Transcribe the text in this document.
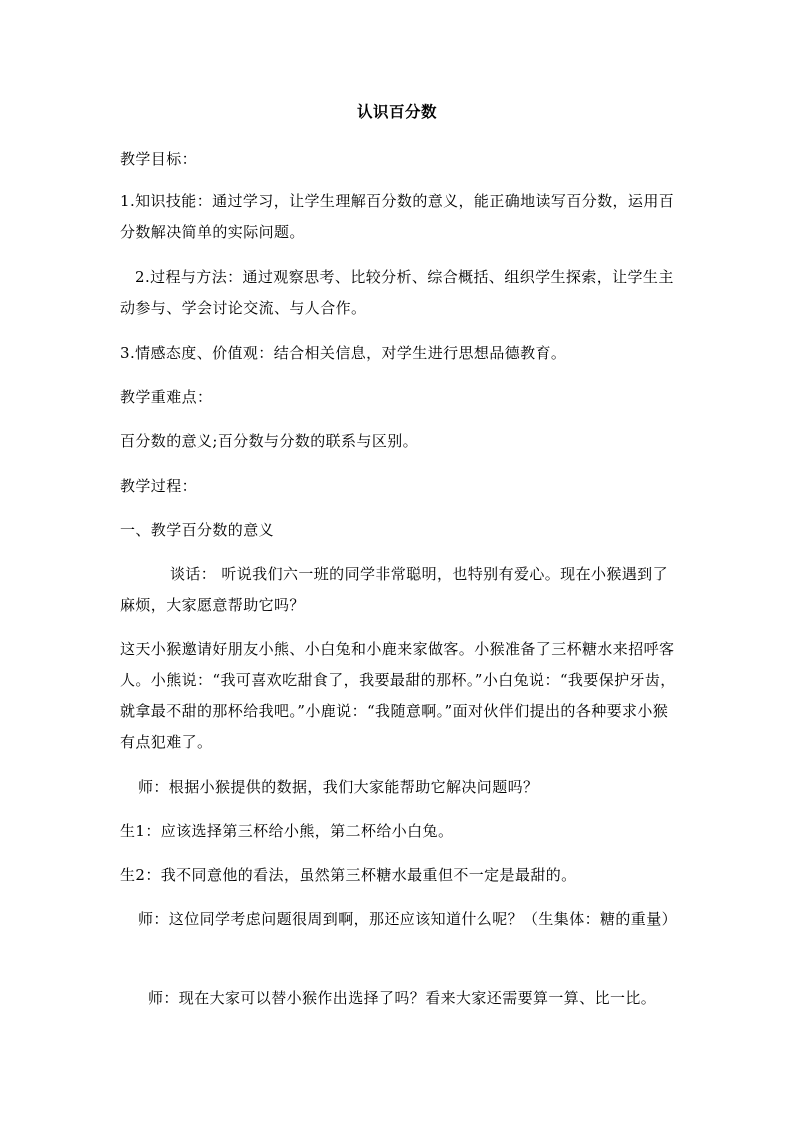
认识百分数

教学目标：

1.知识技能：通过学习，让学生理解百分数的意义，能正确地读写百分数，运用百分数解决简单的实际问题。

2.过程与方法：通过观察思考、比较分析、综合概括、组织学生探索，让学生主动参与、学会讨论交流、与人合作。

3.情感态度、价值观：结合相关信息，对学生进行思想品德教育。

教学重难点：

百分数的意义;百分数与分数的联系与区别。

教学过程：

一、教学百分数的意义

谈话： 听说我们六一班的同学非常聪明，也特别有爱心。现在小猴遇到了麻烦，大家愿意帮助它吗？

这天小猴邀请好朋友小熊、小白兔和小鹿来家做客。小猴准备了三杯糖水来招呼客人。小熊说：“我可喜欢吃甜食了，我要最甜的那杯。”小白兔说：“我要保护牙齿，就拿最不甜的那杯给我吧。”小鹿说：“我随意啊。”面对伙伴们提出的各种要求小猴有点犯难了。

师：根据小猴提供的数据，我们大家能帮助它解决问题吗？

生1：应该选择第三杯给小熊，第二杯给小白兔。

生2：我不同意他的看法，虽然第三杯糖水最重但不一定是最甜的。

师：这位同学考虑问题很周到啊，那还应该知道什么呢？（生集体：糖的重量）

师：现在大家可以替小猴作出选择了吗？看来大家还需要算一算、比一比。
